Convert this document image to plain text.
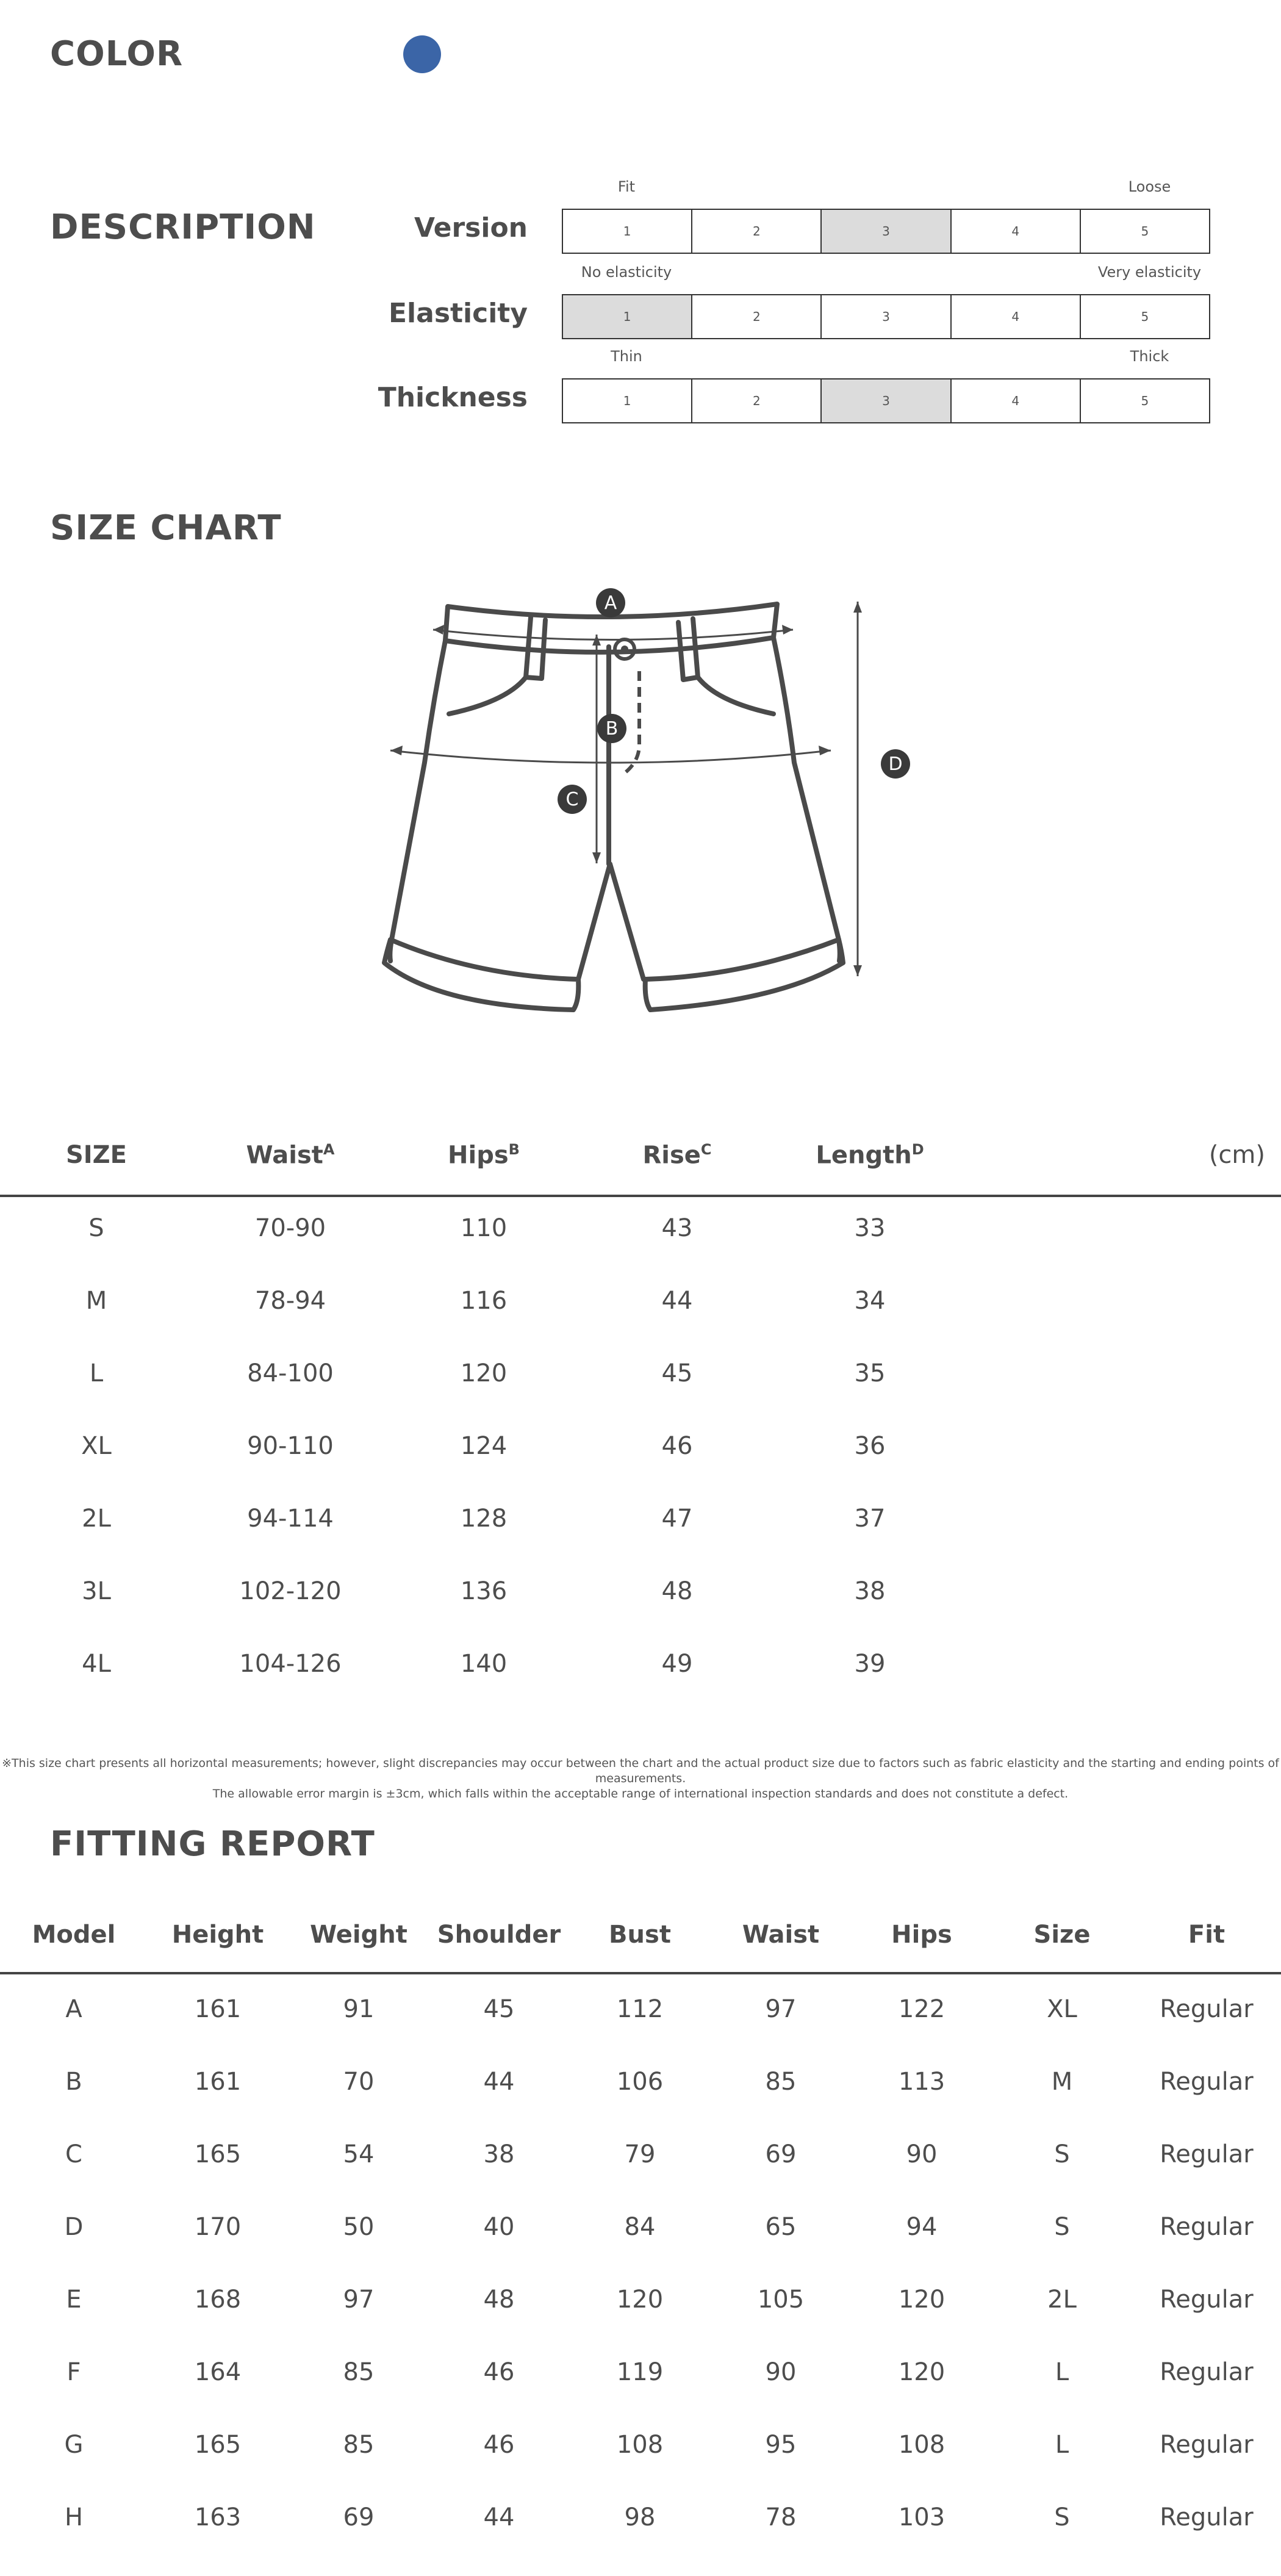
COLOR
DESCRIPTION	Version
Fit	Loose
1	2	3	4	5
Elasticity
No elasticity	Very elasticity
1	2	3	4	5
Thickness
Thin	Thick
1	2	3	4	5
SIZE CHART
A
B
C
D
(cm)
SIZE	Waist$^A$	Hips$^B$	Rise$^C$	Length$^D$
S	70-90	110	43	33
M	78-94	116	44	34
L	84-100	120	45	35
XL	90-110	124	46	36
2L	94-114	128	47	37
3L	102-120	136	48	38
4L	104-126	140	49	39
※This size chart presents all horizontal measurements; however, slight discrepancies may occur between the chart and the actual product size due to factors such as fabric elasticity and the starting and ending points of measurements.
The allowable error margin is ±3cm, which falls within the acceptable range of international inspection standards and does not constitute a defect.
FITTING REPORT
Model	Height	Weight	Shoulder	Bust	Waist	Hips	Size	Fit
A	161	91	45	112	97	122	XL	Regular
B	161	70	44	106	85	113	M	Regular
C	165	54	38	79	69	90	S	Regular
D	170	50	40	84	65	94	S	Regular
E	168	97	48	120	105	120	2L	Regular
F	164	85	46	119	90	120	L	Regular
G	165	85	46	108	95	108	L	Regular
H	163	69	44	98	78	103	S	Regular
